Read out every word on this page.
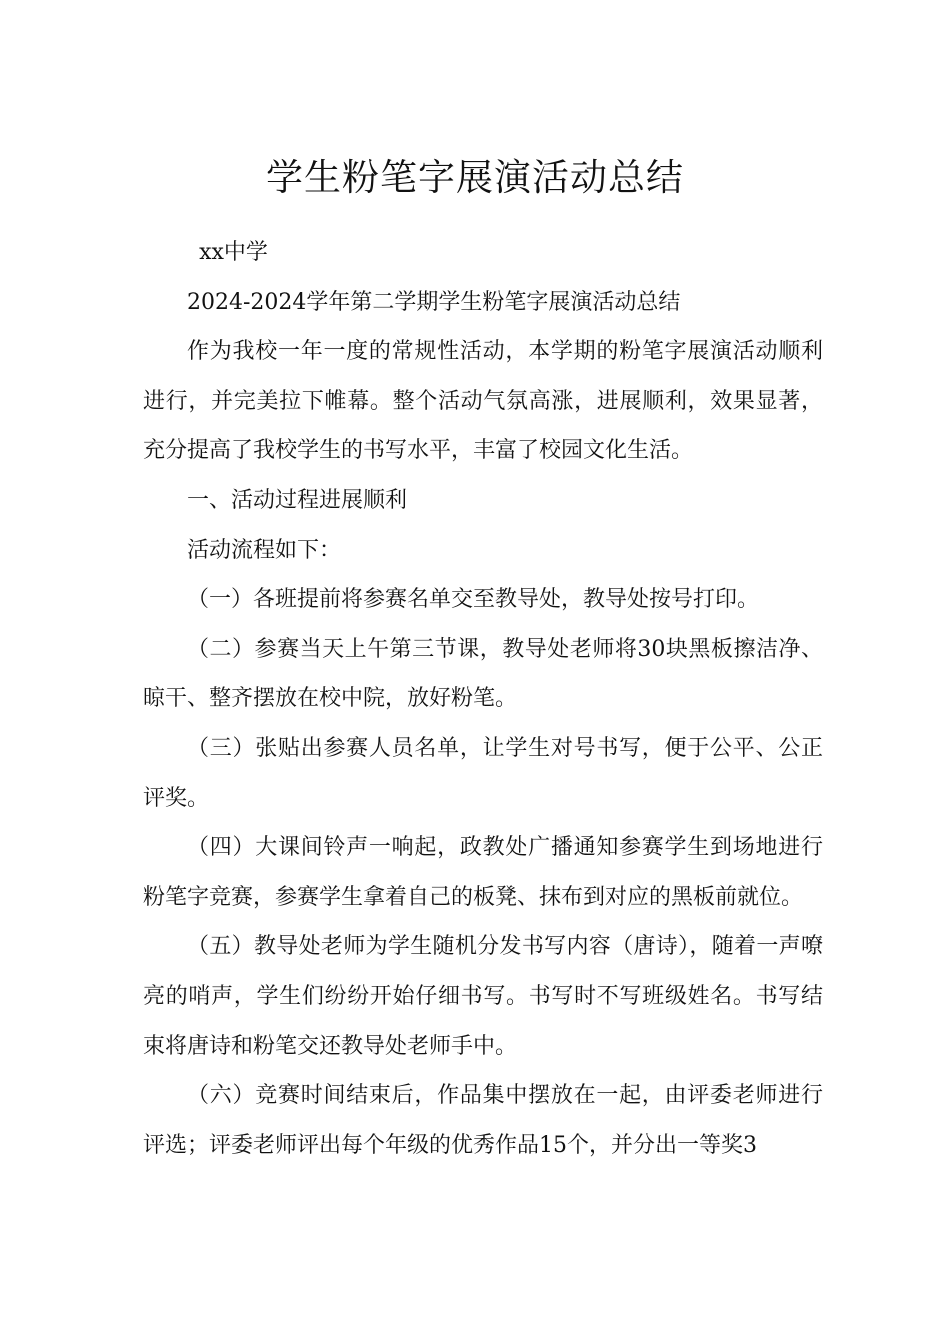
学生粉笔字展演活动总结

xx中学

2024-2024学年第二学期学生粉笔字展演活动总结

作为我校一年一度的常规性活动，本学期的粉笔字展演活动顺利进行，并完美拉下帷幕。整个活动气氛高涨，进展顺利，效果显著，充分提高了我校学生的书写水平，丰富了校园文化生活。

一、活动过程进展顺利

活动流程如下：

（一）各班提前将参赛名单交至教导处，教导处按号打印。

（二）参赛当天上午第三节课，教导处老师将30块黑板擦洁净、晾干、整齐摆放在校中院，放好粉笔。

（三）张贴出参赛人员名单，让学生对号书写，便于公平、公正评奖。

（四）大课间铃声一响起，政教处广播通知参赛学生到场地进行粉笔字竞赛，参赛学生拿着自己的板凳、抹布到对应的黑板前就位。

（五）教导处老师为学生随机分发书写内容（唐诗），随着一声嘹亮的哨声，学生们纷纷开始仔细书写。书写时不写班级姓名。书写结束将唐诗和粉笔交还教导处老师手中。

（六）竞赛时间结束后，作品集中摆放在一起，由评委老师进行评选；评委老师评出每个年级的优秀作品15个，并分出一等奖3
